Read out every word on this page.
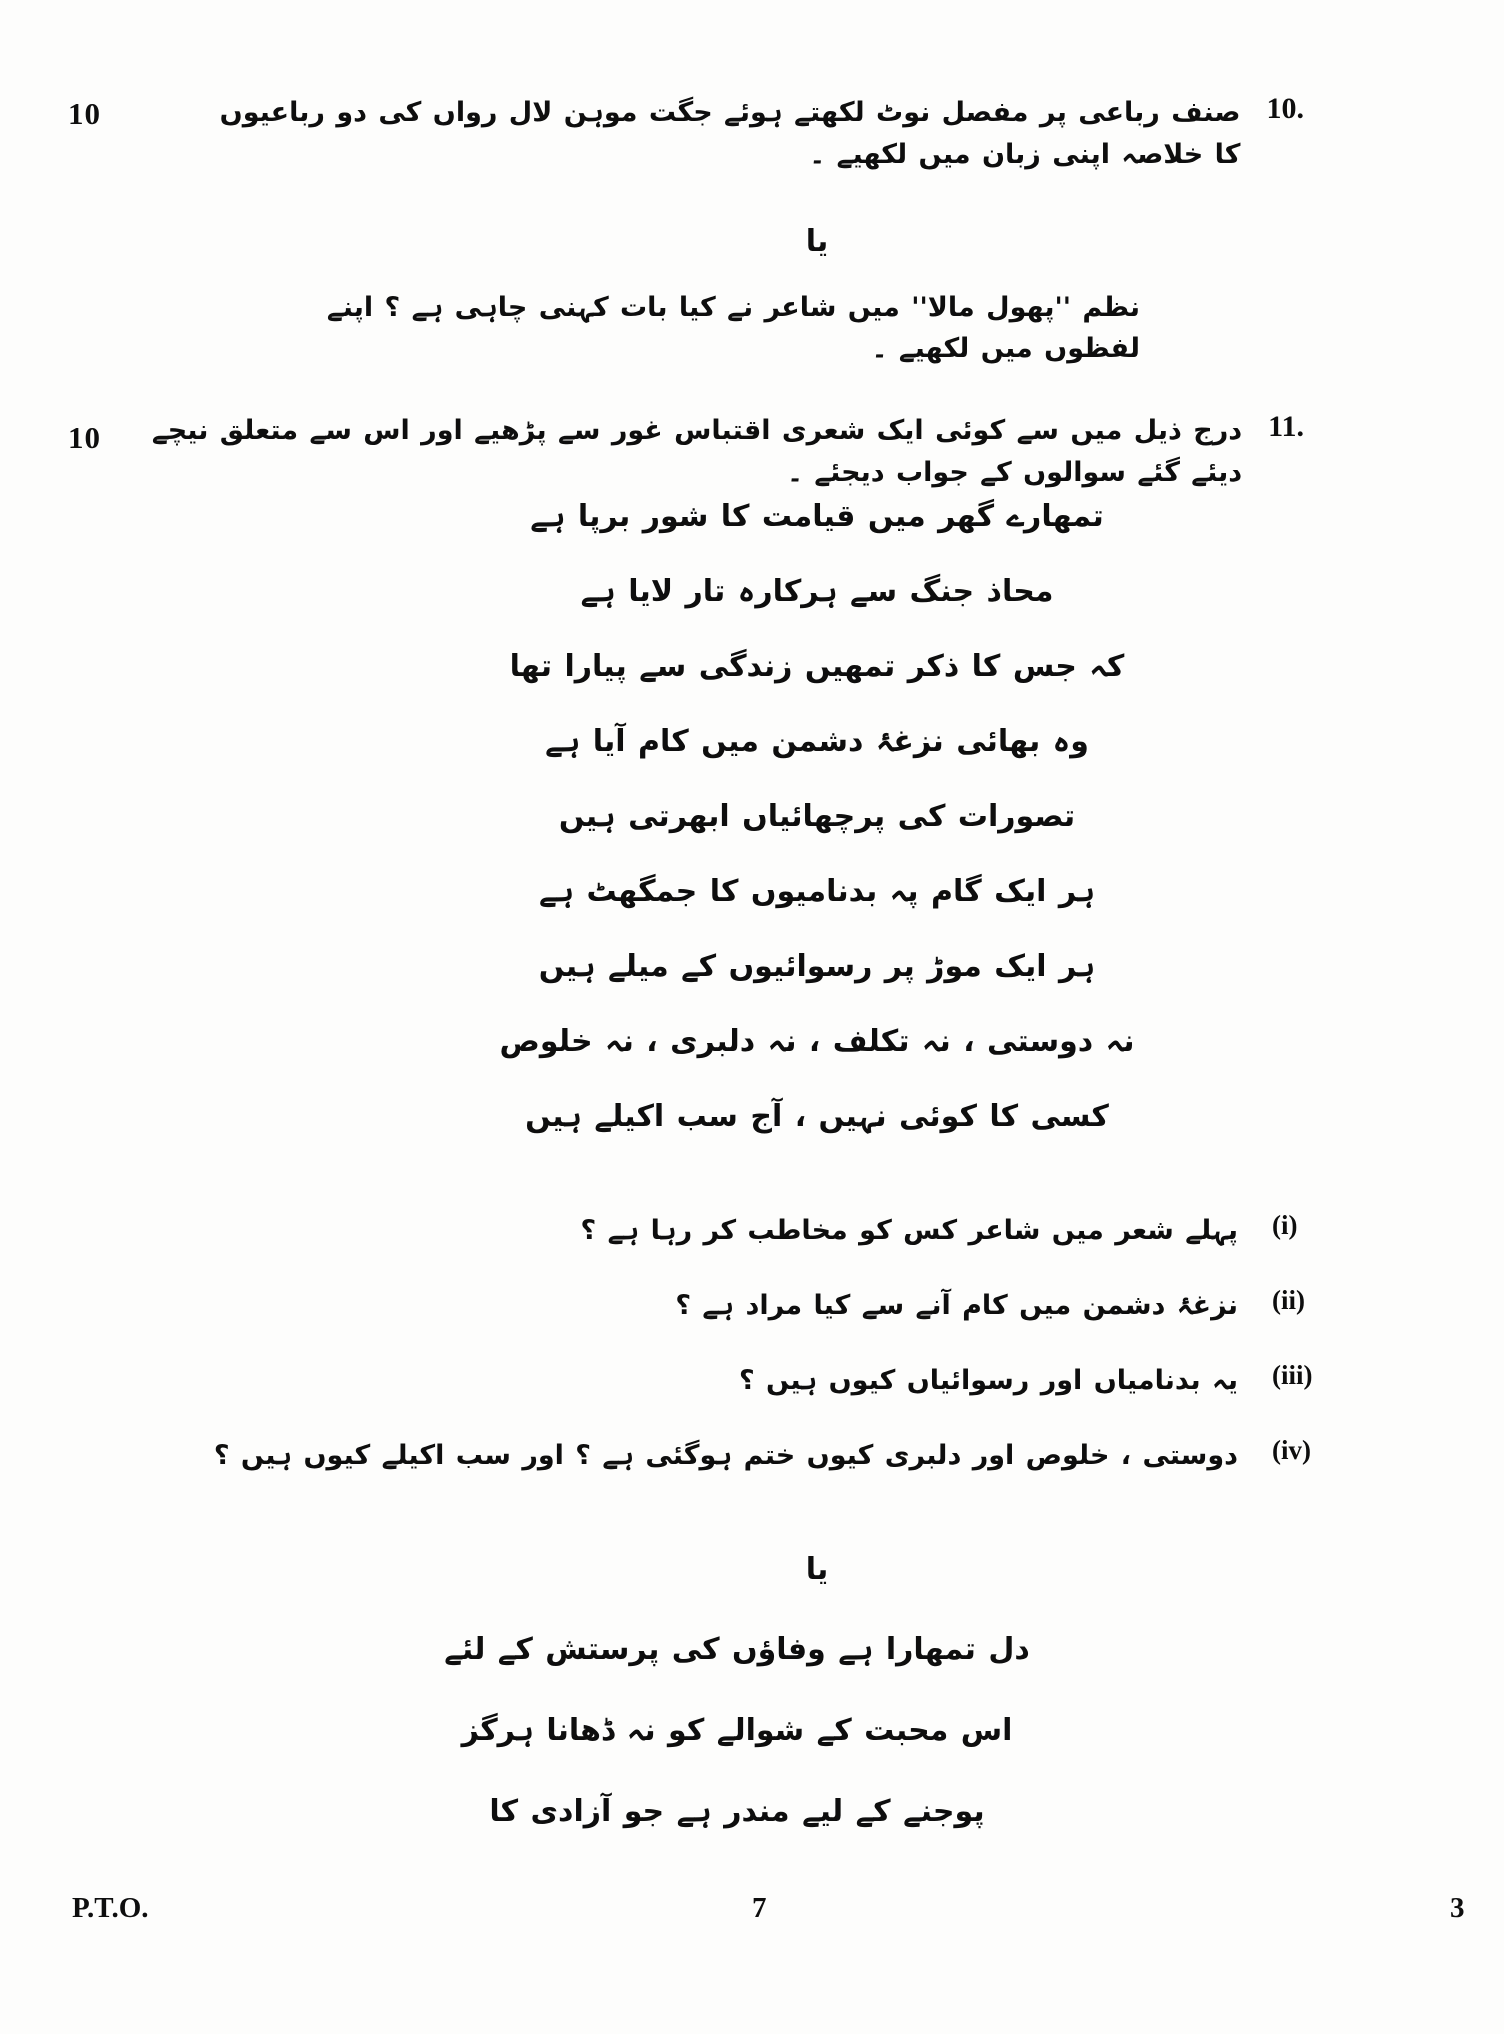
10	10.
صنف رباعی پر مفصل نوٹ لکھتے ہوئے جگت موہن لال رواں کی دو رباعیوں کا خلاصہ اپنی زبان میں لکھیے ۔
یا
نظم ''پھول مالا'' میں شاعر نے کیا بات کہنی چاہی ہے ؟ اپنے لفظوں میں لکھیے ۔
10	11.
درج ذیل میں سے کوئی ایک شعری اقتباس غور سے پڑھیے اور اس سے متعلق نیچے دیئے گئے سوالوں کے جواب دیجئے ۔
تمھارے گھر میں قیامت کا شور برپا ہے
محاذ جنگ سے ہرکارہ تار لایا ہے
کہ جس کا ذکر تمھیں زندگی سے پیارا تھا
وہ بھائی نزغۂ دشمن میں کام آیا ہے
تصورات کی پرچھائیاں ابھرتی ہیں
ہر ایک گام پہ بدنامیوں کا جمگھٹ ہے
ہر ایک موڑ پر رسوائیوں کے میلے ہیں
نہ دوستی ، نہ تکلف ، نہ دلبری ، نہ خلوص
کسی کا کوئی نہیں ، آج سب اکیلے ہیں
(i)
پہلے شعر میں شاعر کس کو مخاطب کر رہا ہے ؟
(ii)
نزغۂ دشمن میں کام آنے سے کیا مراد ہے ؟
(iii)
یہ بدنامیاں اور رسوائیاں کیوں ہیں ؟
(iv)
دوستی ، خلوص اور دلبری کیوں ختم ہوگئی ہے ؟ اور سب اکیلے کیوں ہیں ؟
یا
دل تمھارا ہے وفاؤں کی پرستش کے لئے
اس محبت کے شوالے کو نہ ڈھانا ہرگز
پوجنے کے لیے مندر ہے جو آزادی کا
P.T.O.	7	3
